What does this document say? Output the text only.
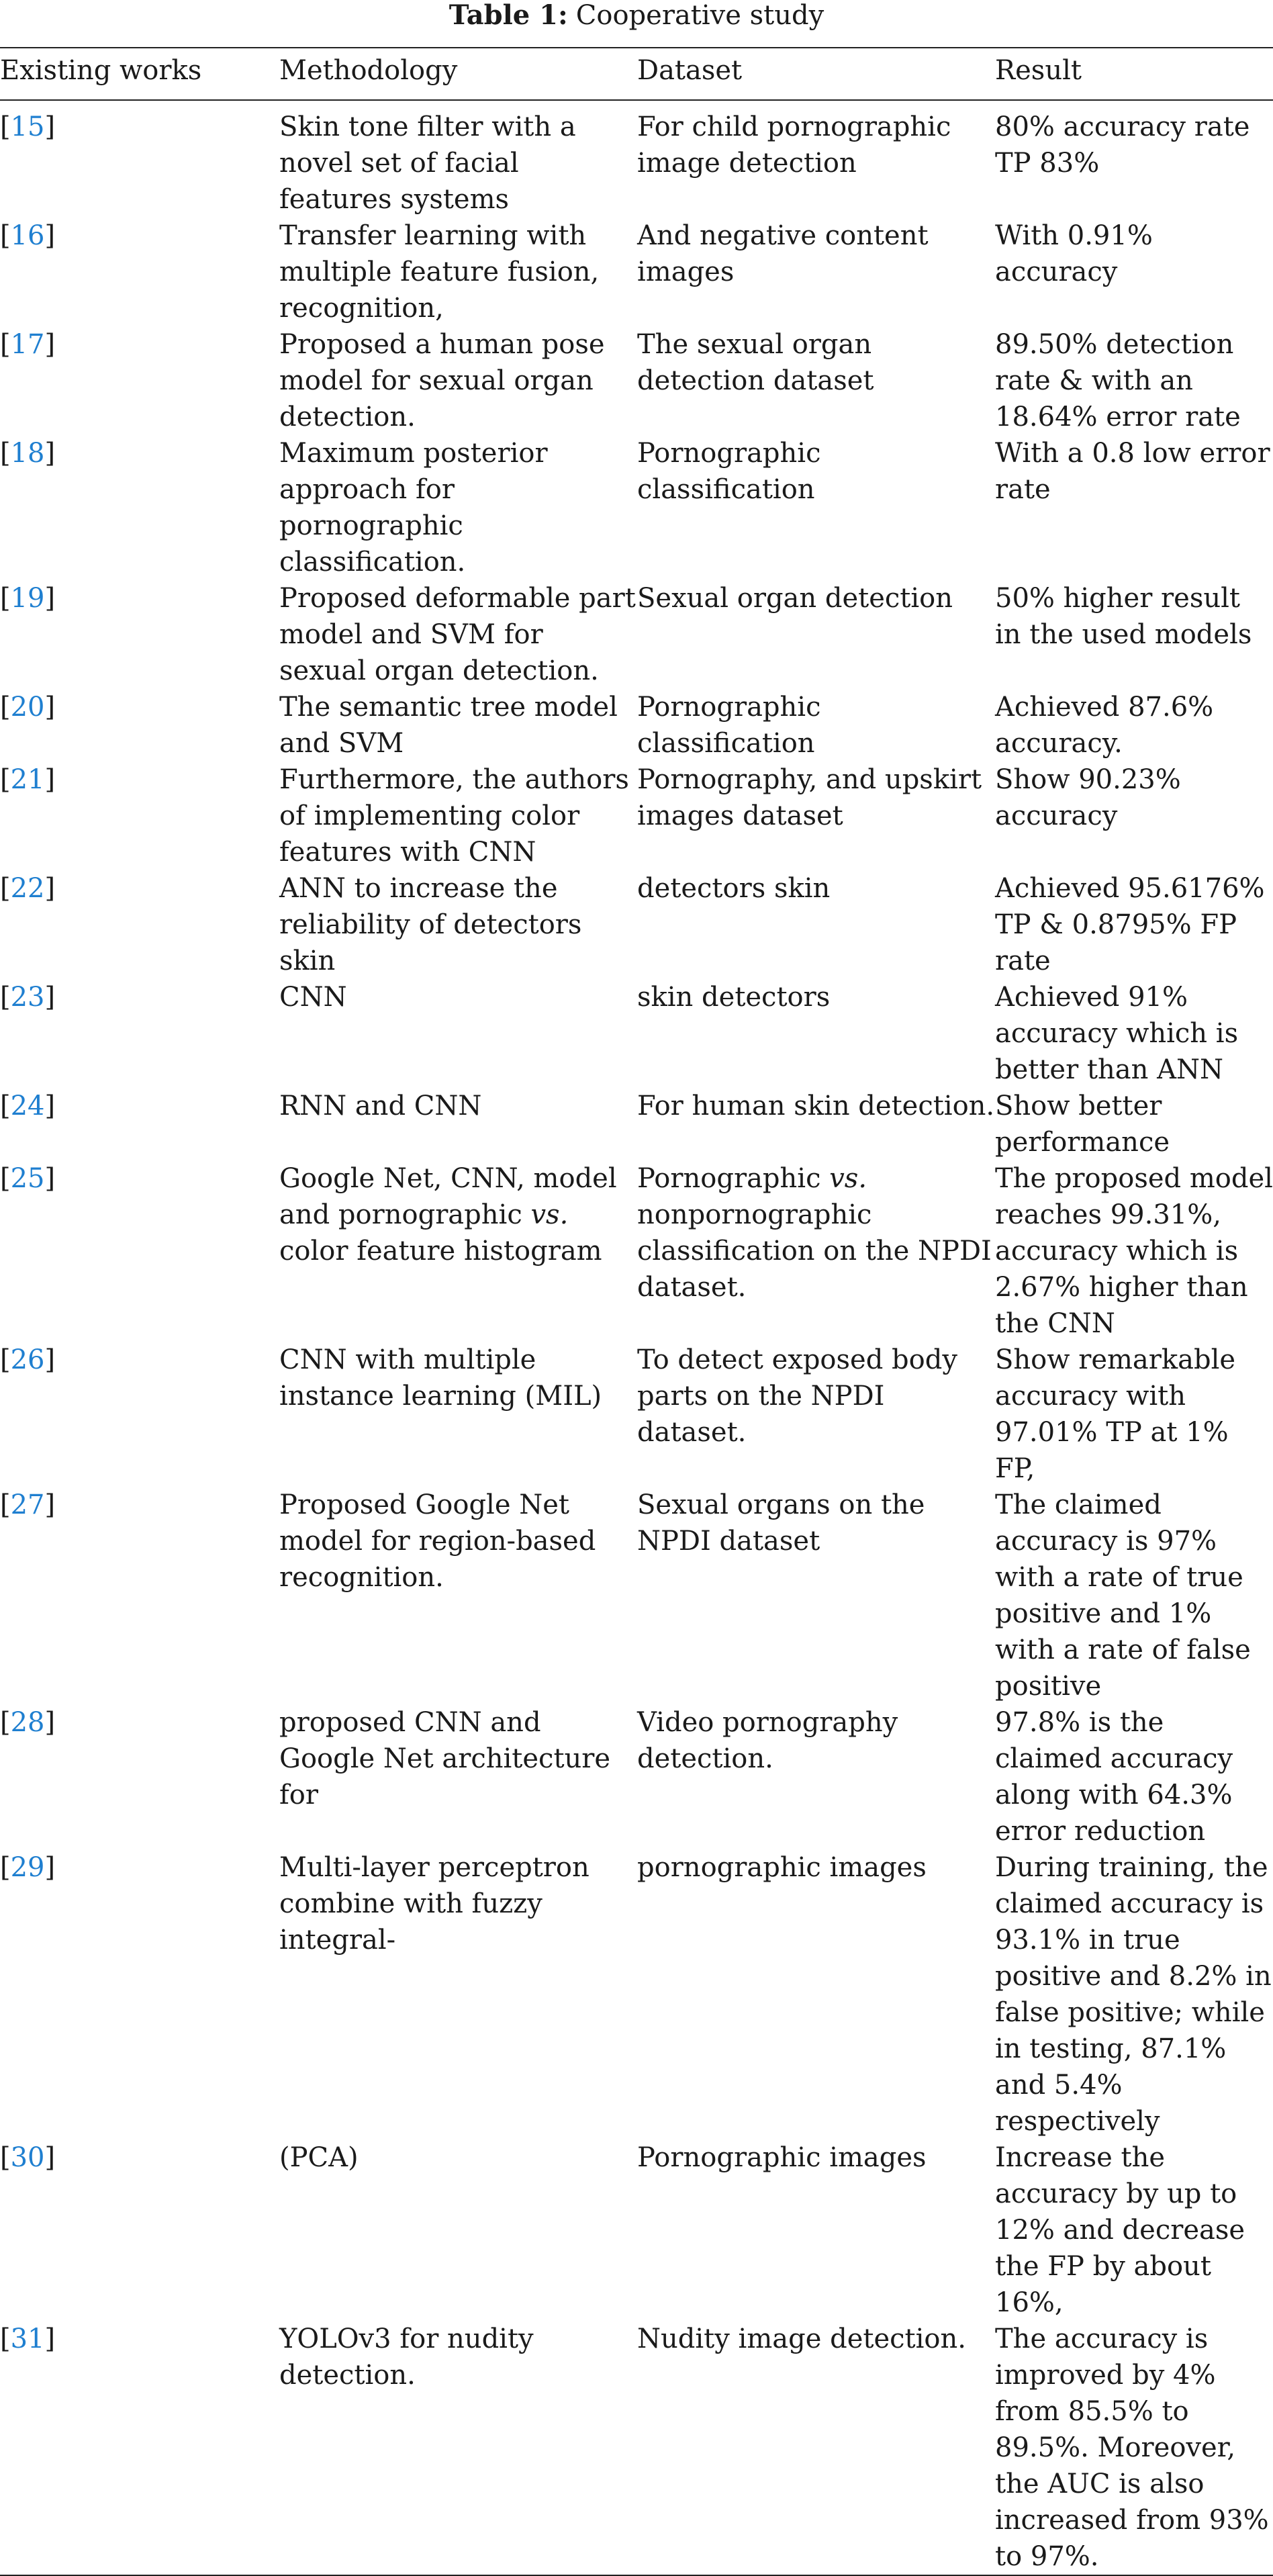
Table 1: Cooperative study
Existing works	Methodology	Dataset	Result
[15]	Skin tone filter with a novel set of facial features systems	For child pornographic image detection	80% accuracy rate TP 83%
[16]	Transfer learning with multiple feature fusion, recognition,	And negative content images	With 0.91% accuracy
[17]	Proposed a human pose model for sexual organ detection.	The sexual organ detection dataset	89.50% detection rate & with an 18.64% error rate
[18]	Maximum posterior approach for pornographic classification.	Pornographic classification	With a 0.8 low error rate
[19]	Proposed deformable part model and SVM for sexual organ detection.	Sexual organ detection	50% higher result in the used models
[20]	The semantic tree model and SVM	Pornographic classification	Achieved 87.6% accuracy.
[21]	Furthermore, the authors of implementing color features with CNN	Pornography, and upskirt images dataset	Show 90.23% accuracy
[22]	ANN to increase the reliability of detectors skin	detectors skin	Achieved 95.6176% TP & 0.8795% FP rate
[23]	CNN	skin detectors	Achieved 91% accuracy which is better than ANN
[24]	RNN and CNN	For human skin detection.	Show better performance
[25]	Google Net, CNN, model and pornographic vs. color feature histogram	Pornographic vs. nonpornographic classification on the NPDI dataset.	The proposed model reaches 99.31%, accuracy which is 2.67% higher than the CNN
[26]	CNN with multiple instance learning (MIL)	To detect exposed body parts on the NPDI dataset.	Show remarkable accuracy with 97.01% TP at 1% FP,
[27]	Proposed Google Net model for region-based recognition.	Sexual organs on the NPDI dataset	The claimed accuracy is 97% with a rate of true positive and 1% with a rate of false positive
[28]	proposed CNN and Google Net architecture for	Video pornography detection.	97.8% is the claimed accuracy along with 64.3% error reduction
[29]	Multi-layer perceptron combine with fuzzy integral-	pornographic images	During training, the claimed accuracy is 93.1% in true positive and 8.2% in false positive; while in testing, 87.1% and 5.4% respectively
[30]	(PCA)	Pornographic images	Increase the accuracy by up to 12% and decrease the FP by about 16%,
[31]	YOLOv3 for nudity detection.	Nudity image detection.	The accuracy is improved by 4% from 85.5% to 89.5%. Moreover, the AUC is also increased from 93% to 97%.
